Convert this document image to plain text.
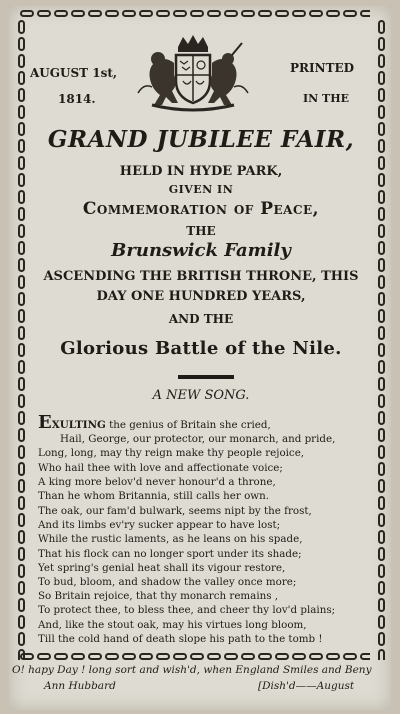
AUGUST 1st,
1814.
PRINTED
IN THE
GRAND JUBILEE FAIR,
HELD IN HYDE PARK,
GIVEN IN
Commemoration of Peace,
THE
Brunswick Family
ASCENDING THE BRITISH THRONE, THIS
DAY ONE HUNDRED YEARS,
AND THE
Glorious Battle of the Nile.
A NEW SONG.
EXULTING the genius of Britain she cried,
Hail, George, our protector, our monarch, and pride,
Long, long, may thy reign make thy people rejoice,
Who hail thee with love and affectionate voice;
A king more belov'd never honour'd a throne,
Than he whom Britannia, still calls her own.
The oak, our fam'd bulwark, seems nipt by the frost,
And its limbs ev'ry sucker appear to have lost;
While the rustic laments, as he leans on his spade,
That his flock can no longer sport under its shade;
Yet spring's genial heat shall its vigour restore,
To bud, bloom, and shadow the valley once more;
So Britain rejoice, that thy monarch remains ,
To protect thee, to bless thee, and cheer thy lov'd plains;
And, like the stout oak, may his virtues long bloom,
Till the cold hand of death slope his path to the tomb !
O! hapy Day ! long sort and wish'd, when England Smiles and Beny
Ann Hubbard	[Dish'd——August
